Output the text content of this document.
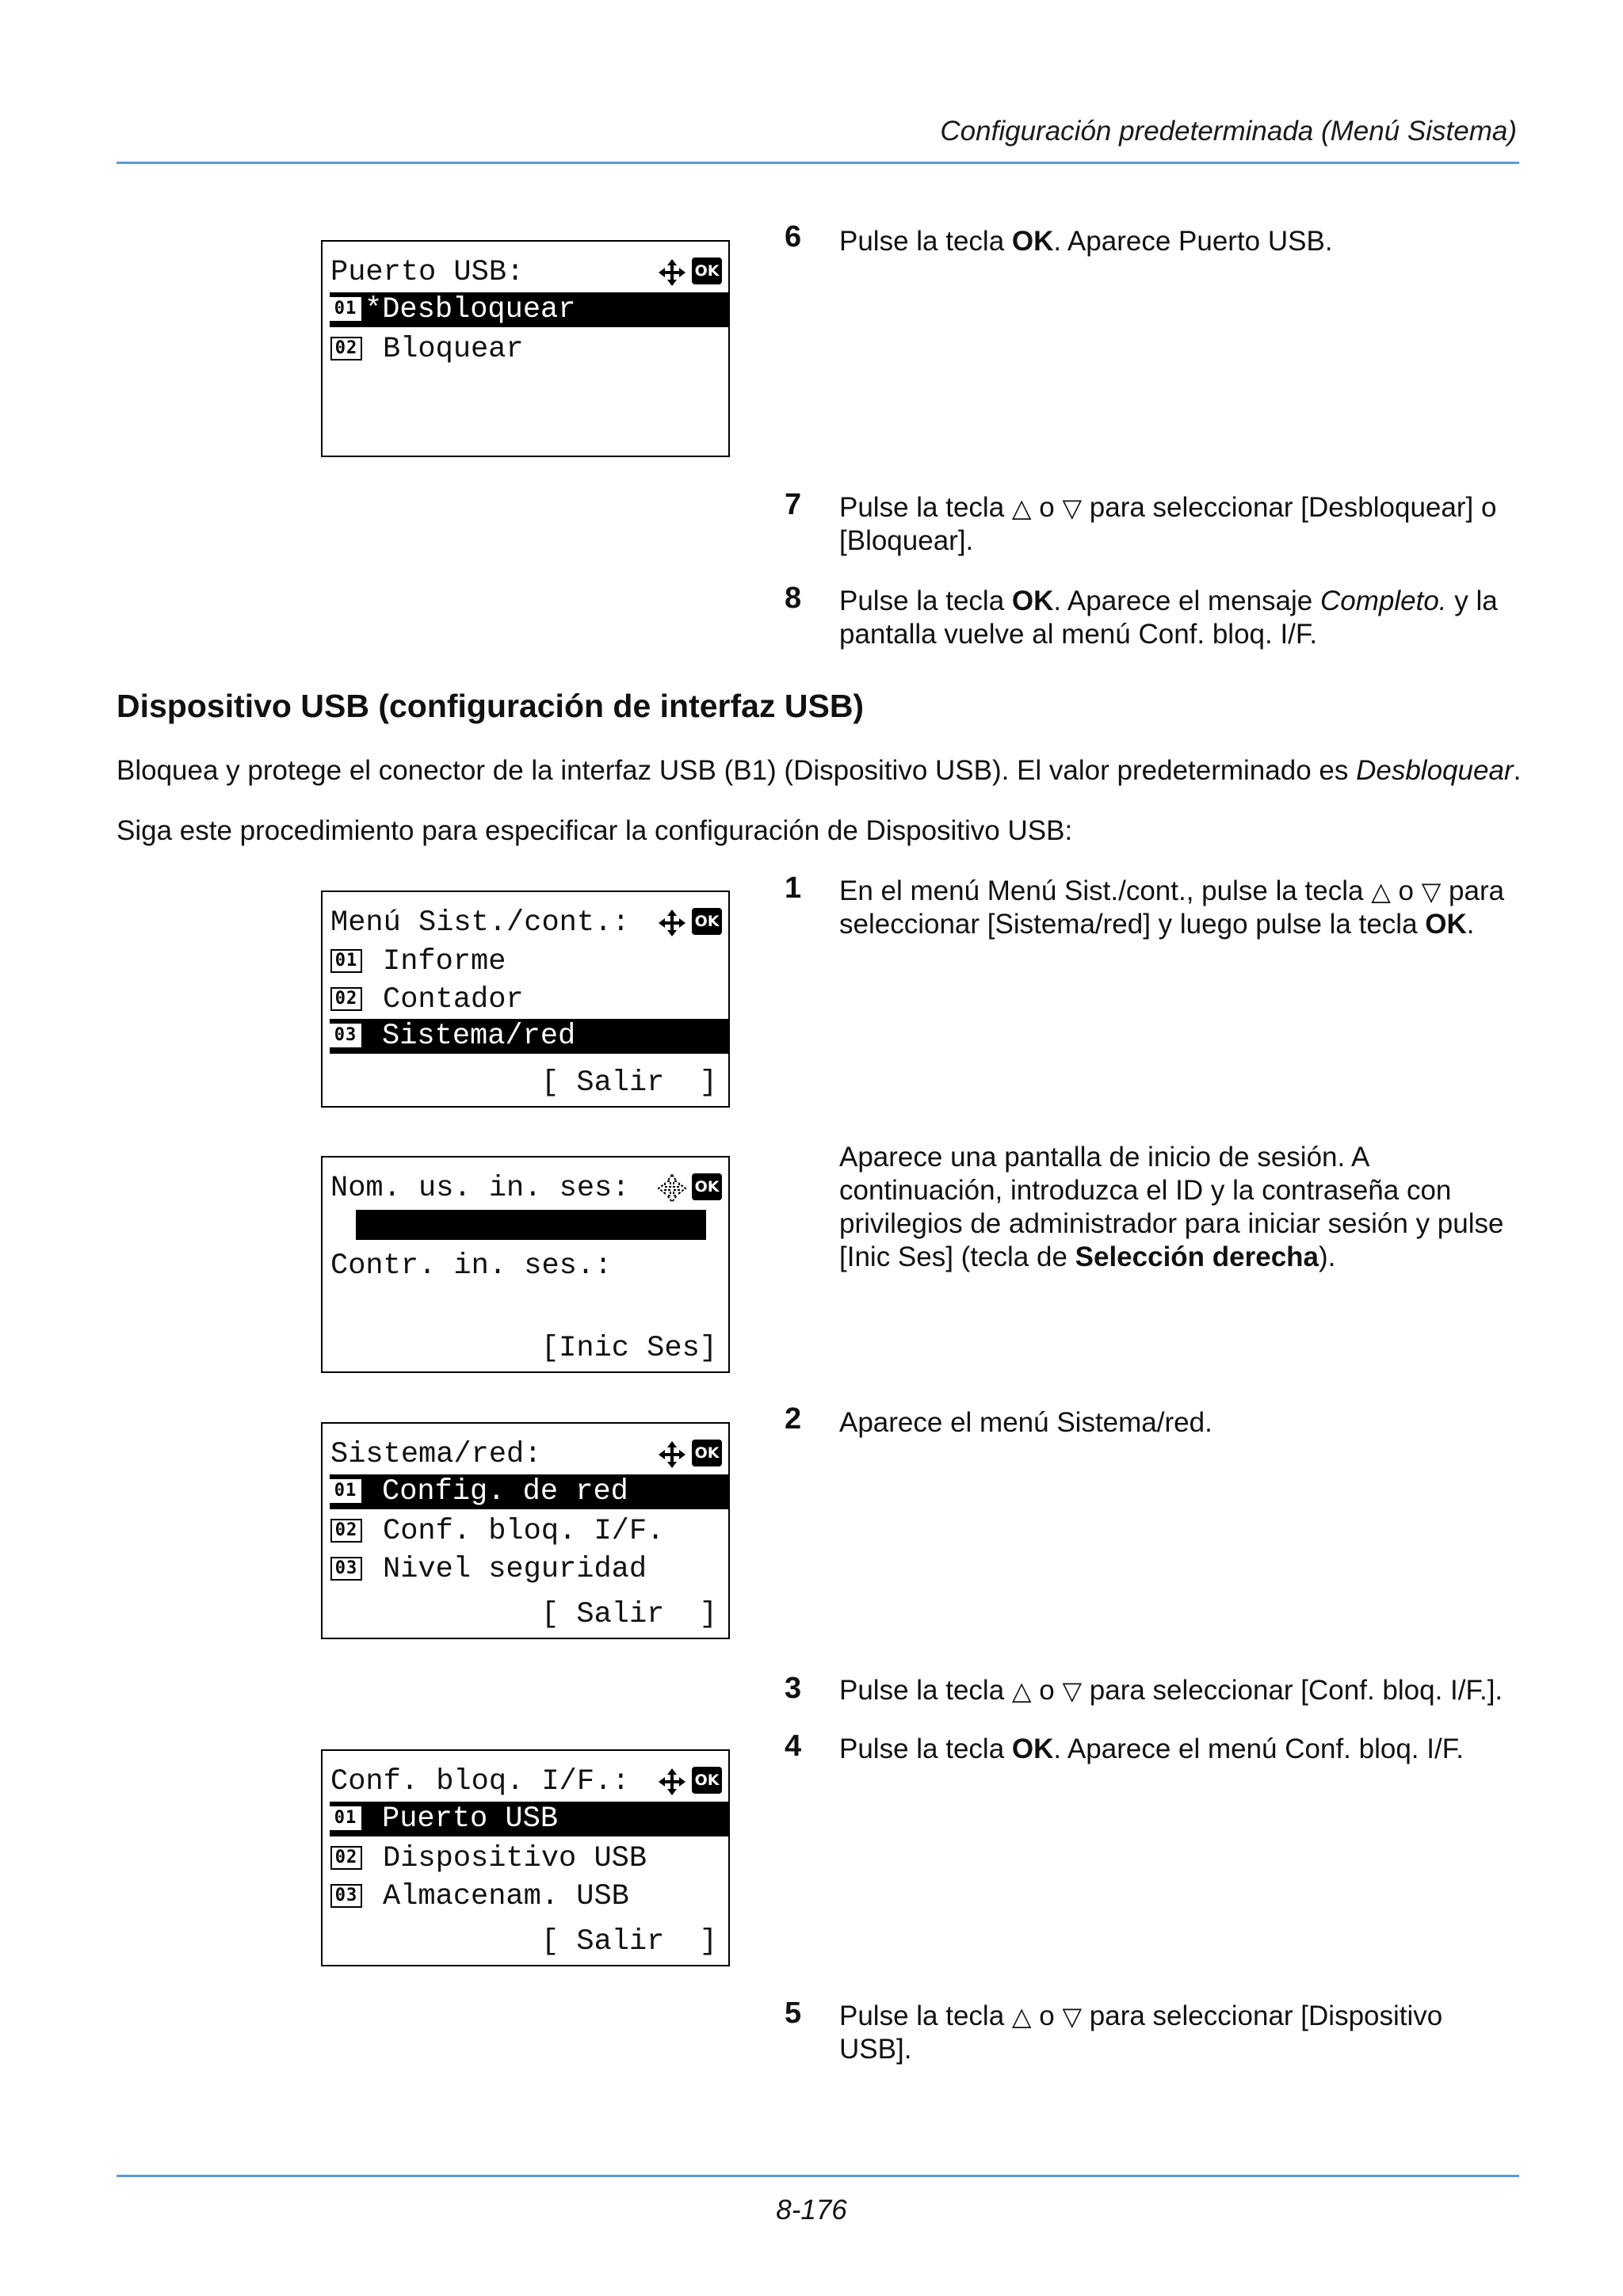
Configuración predeterminada (Menú Sistema)
Puerto USB:	OK

01

*Desbloquear

02

Bloquear

6 Pulse la tecla OK. Aparece Puerto USB.
7 Pulse la tecla △ o ▽ para seleccionar [Desbloquear] o [Bloquear].
8 Pulse la tecla OK. Aparece el mensaje Completo. y la pantalla vuelve al menú Conf. bloq. I/F.
Dispositivo USB (configuración de interfaz USB)
Bloquea y protege el conector de la interfaz USB (B1) (Dispositivo USB). El valor predeterminado es Desbloquear.
Siga este procedimiento para especificar la configuración de Dispositivo USB:
Menú Sist./cont.:	OK

01

Informe

02

Contador

03

Sistema/red

[ Salir  ]
1 En el menú Menú Sist./cont., pulse la tecla △ o ▽ para seleccionar [Sistema/red] y luego pulse la tecla OK.
Nom. us. in. ses:	OK
Contr. in. ses.:
[Inic Ses]
Aparece una pantalla de inicio de sesión. A continuación, introduzca el ID y la contraseña con privilegios de administrador para iniciar sesión y pulse [Inic Ses] (tecla de Selección derecha).
Sistema/red:	OK

01

Config. de red

02

Conf. bloq. I/F.

03

Nivel seguridad

[ Salir  ]
2 Aparece el menú Sistema/red.
3 Pulse la tecla △ o ▽ para seleccionar [Conf. bloq. I/F.].
Conf. bloq. I/F.:	OK

01

Puerto USB

02

Dispositivo USB

03

Almacenam. USB

[ Salir  ]
4 Pulse la tecla OK. Aparece el menú Conf. bloq. I/F.
5 Pulse la tecla △ o ▽ para seleccionar [Dispositivo USB].
8-176
